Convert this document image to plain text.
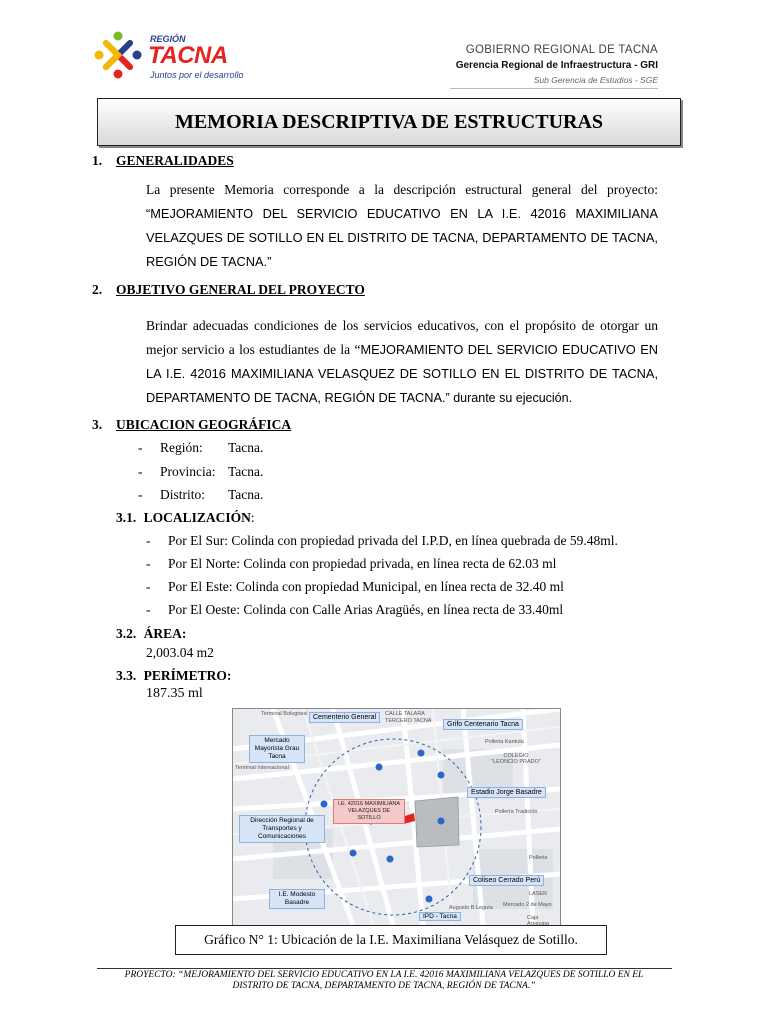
REGIÓN
TACNA
Juntos por el desarrollo
GOBIERNO REGIONAL DE TACNA
Gerencia Regional de Infraestructura - GRI
Sub Gerencia de Estudios - SGE
MEMORIA DESCRIPTIVA DE ESTRUCTURAS
1. GENERALIDADES
La presente Memoria corresponde a la descripción estructural general del proyecto: “MEJORAMIENTO DEL SERVICIO EDUCATIVO EN LA I.E. 42016 MAXIMILIANA VELAZQUES DE SOTILLO EN EL DISTRITO DE TACNA, DEPARTAMENTO DE TACNA, REGIÓN DE TACNA.”
2. OBJETIVO GENERAL DEL PROYECTO
Brindar adecuadas condiciones de los servicios educativos, con el propósito de otorgar un mejor servicio a los estudiantes de la “MEJORAMIENTO DEL SERVICIO EDUCATIVO EN LA I.E. 42016 MAXIMILIANA VELASQUEZ DE SOTILLO EN EL DISTRITO DE TACNA, DEPARTAMENTO DE TACNA, REGIÓN DE TACNA.” durante su ejecución.
3. UBICACION GEOGRÁFICA
- Región: Tacna.
- Provincia: Tacna.
- Distrito: Tacna.
3.1. LOCALIZACIÓN:
- Por El Sur: Colinda con propiedad privada del I.P.D, en línea quebrada de 59.48ml.
- Por El Norte: Colinda con propiedad privada, en línea recta de 62.03 ml
- Por El Este: Colinda con propiedad Municipal, en línea recta de 32.40 ml
- Por El Oeste: Colinda con Calle Arias Aragüés, en línea recta de 33.40ml
3.2. ÁREA:
2,003.04 m2
3.3. PERÍMETRO:
187.35 ml
Cementerio General
Mercado Mayorista Grau Tacna
Grifo Centenario Tacna
Estadio Jorge Basadre
Dirección Regional de Transportes y Comunicaciones
I.E. 42016 MAXIMILIANA VELAZQUES DE SOTILLO
Coliseo Cerrado Perú
I.E. Modesto Basadre
IPD - Tacna
Terminal Bolognesi	CALLE TALARA
TERCERO TACNA
Polleria Kantuta
COLEGIO "LEONCIO PRADO"
Pollería Tradición
Mercado 2 de Mayo
Caja Arequipa
Polleria
LASER
Terminal Internacional
Augusto B Leguía
Gráfico N° 1: Ubicación de la I.E. Maximiliana Velásquez de Sotillo.
PROYECTO: “MEJORAMIENTO DEL SERVICIO EDUCATIVO EN LA I.E. 42016 MAXIMILIANA VELAZQUES DE SOTILLO EN EL
DISTRITO DE TACNA, DEPARTAMENTO DE TACNA, REGIÓN DE TACNA.”
